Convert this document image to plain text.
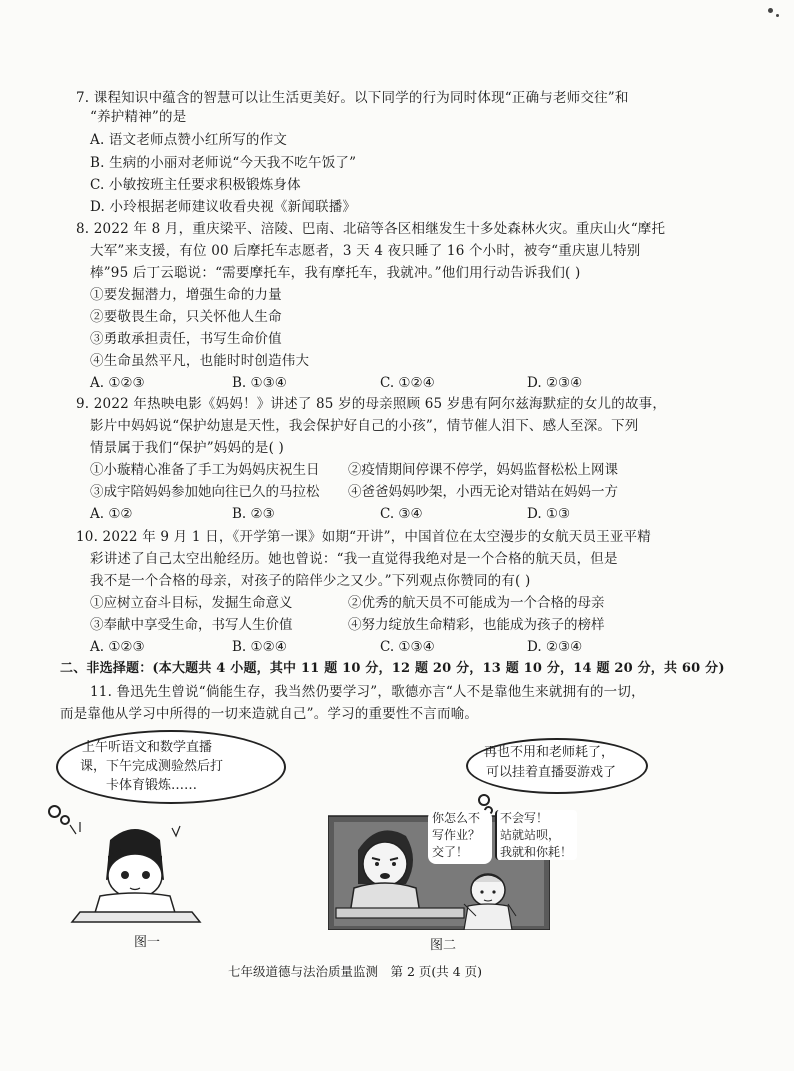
7. 课程知识中蕴含的智慧可以让生活更美好。以下同学的行为同时体现“正确与老师交往”和
“养护精神”的是
A. 语文老师点赞小红所写的作文
B. 生病的小丽对老师说“今天我不吃午饭了”
C. 小敏按班主任要求积极锻炼身体
D. 小玲根据老师建议收看央视《新闻联播》
8. 2022 年 8 月，重庆梁平、涪陵、巴南、北碚等各区相继发生十多处森林火灾。重庆山火“摩托
大军”来支援，有位 00 后摩托车志愿者，3 天 4 夜只睡了 16 个小时，被夸“重庆崽儿特别
棒”95 后丁云聪说：“需要摩托车，我有摩托车，我就冲。”他们用行动告诉我们( )
①要发掘潜力，增强生命的力量
②要敬畏生命，只关怀他人生命
③勇敢承担责任，书写生命价值
④生命虽然平凡，也能时时创造伟大
A. ①②③	B. ①③④	C. ①②④	D. ②③④
9. 2022 年热映电影《妈妈！》讲述了 85 岁的母亲照顾 65 岁患有阿尔兹海默症的女儿的故事，
影片中妈妈说“保护幼崽是天性，我会保护好自己的小孩”，情节催人泪下、感人至深。下列
情景属于我们“保护”妈妈的是( )
①小璇精心准备了手工为妈妈庆祝生日 ②疫情期间停课不停学，妈妈监督松松上网课
③成宇陪妈妈参加她向往已久的马拉松 ④爸爸妈妈吵架，小西无论对错站在妈妈一方
A. ①②	B. ②③	C. ③④	D. ①③
10. 2022 年 9 月 1 日，《开学第一课》如期“开讲”，中国首位在太空漫步的女航天员王亚平精
彩讲述了自己太空出舱经历。她也曾说：“我一直觉得我绝对是一个合格的航天员，但是
我不是一个合格的母亲，对孩子的陪伴少之又少。”下列观点你赞同的有( )
①应树立奋斗目标，发掘生命意义	②优秀的航天员不可能成为一个合格的母亲
③奉献中享受生命，书写人生价值	④努力绽放生命精彩，也能成为孩子的榜样
A. ①②③	B. ①②④	C. ①③④	D. ②③④
二、非选择题：(本大题共 4 小题，其中 11 题 10 分，12 题 20 分，13 题 10 分，14 题 20 分，共 60 分)
11. 鲁迅先生曾说“倘能生存，我当然仍要学习”，歌德亦言“人不是靠他生来就拥有的一切，
而是靠他从学习中所得的一切来造就自己”。学习的重要性不言而喻。
上午听语文和数学直播
课，下午完成测验然后打
卡体育锻炼……
图一
再也不用和老师耗了，
可以挂着直播耍游戏了
你怎么不
写作业？
交了！
不会写！
站就站呗，
我就和你耗！
图二
七年级道德与法治质量监测　第 2 页(共 4 页)
